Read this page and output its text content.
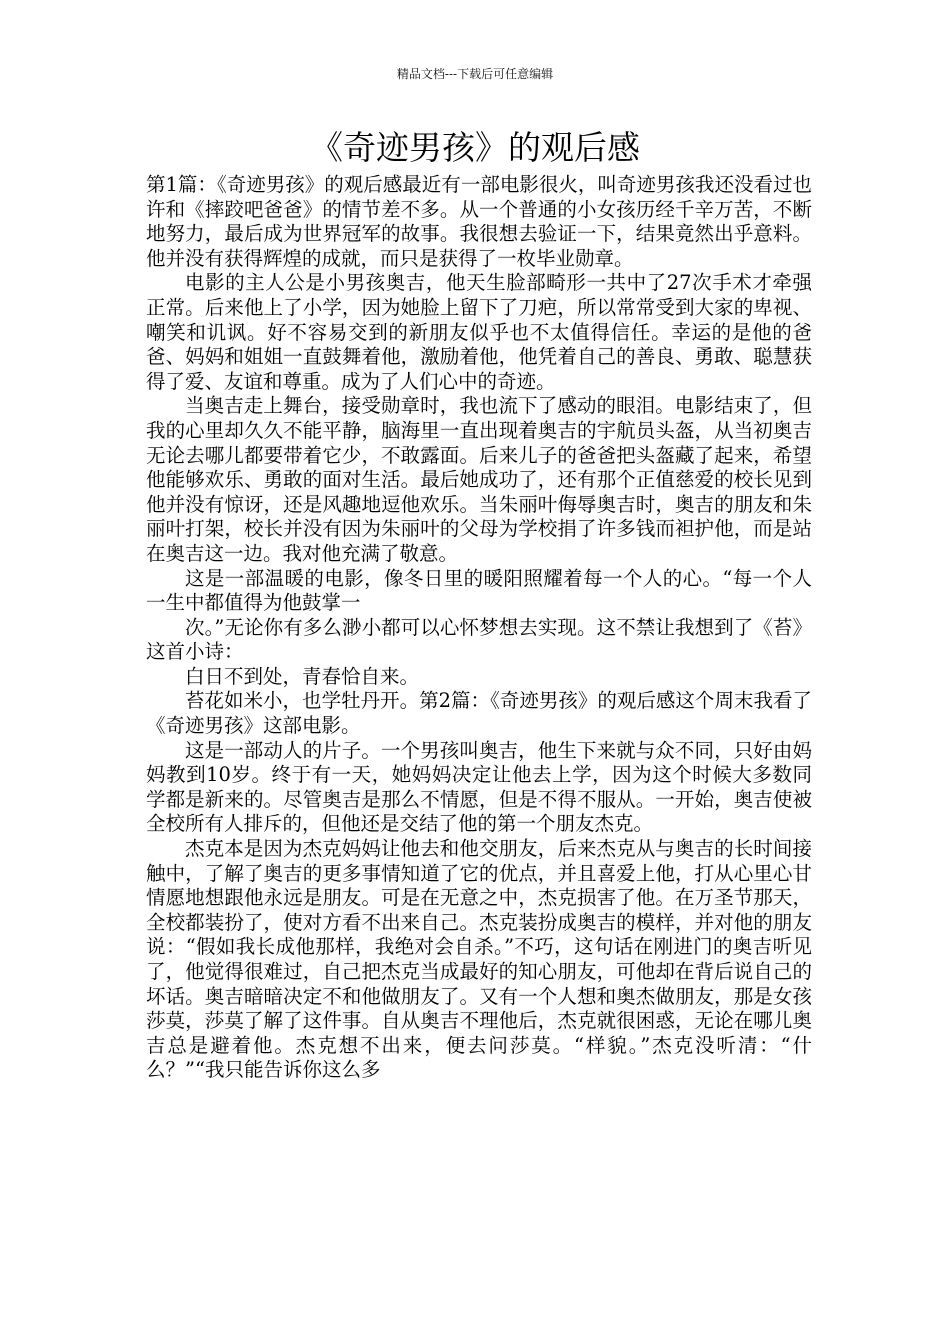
精品文档---下载后可任意编辑
《奇迹男孩》的观后感

第1篇：《奇迹男孩》的观后感最近有一部电影很火，叫奇迹男孩我还没看过也许和《摔跤吧爸爸》的情节差不多。从一个普通的小女孩历经千辛万苦，不断地努力，最后成为世界冠军的故事。我很想去验证一下，结果竟然出乎意料。他并没有获得辉煌的成就，而只是获得了一枚毕业勋章。

电影的主人公是小男孩奥吉，他天生脸部畸形一共中了27次手术才牵强正常。后来他上了小学，因为她脸上留下了刀疤，所以常常受到大家的卑视、嘲笑和讥讽。好不容易交到的新朋友似乎也不太值得信任。幸运的是他的爸爸、妈妈和姐姐一直鼓舞着他，激励着他，他凭着自己的善良、勇敢、聪慧获得了爱、友谊和尊重。成为了人们心中的奇迹。

当奥吉走上舞台，接受勋章时，我也流下了感动的眼泪。电影结束了，但我的心里却久久不能平静，脑海里一直出现着奥吉的宇航员头盔，从当初奥吉无论去哪儿都要带着它少，不敢露面。后来儿子的爸爸把头盔藏了起来，希望他能够欢乐、勇敢的面对生活。最后她成功了，还有那个正值慈爱的校长见到他并没有惊讶，还是风趣地逗他欢乐。当朱丽叶侮辱奥吉时，奥吉的朋友和朱丽叶打架，校长并没有因为朱丽叶的父母为学校捐了许多钱而袒护他，而是站在奥吉这一边。我对他充满了敬意。

这是一部温暖的电影，像冬日里的暖阳照耀着每一个人的心。“每一个人一生中都值得为他鼓掌一

次。”无论你有多么渺小都可以心怀梦想去实现。这不禁让我想到了《苔》这首小诗：

白日不到处，青春恰自来。

苔花如米小，也学牡丹开。第2篇：《奇迹男孩》的观后感这个周末我看了《奇迹男孩》这部电影。

这是一部动人的片子。一个男孩叫奥吉，他生下来就与众不同，只好由妈妈教到10岁。终于有一天，她妈妈决定让他去上学，因为这个时候大多数同学都是新来的。尽管奥吉是那么不情愿，但是不得不服从。一开始，奥吉使被全校所有人排斥的，但他还是交结了他的第一个朋友杰克。

杰克本是因为杰克妈妈让他去和他交朋友，后来杰克从与奥吉的长时间接触中，了解了奥吉的更多事情知道了它的优点，并且喜爱上他，打从心里心甘情愿地想跟他永远是朋友。可是在无意之中，杰克损害了他。在万圣节那天，全校都装扮了，使对方看不出来自己。杰克装扮成奥吉的模样，并对他的朋友说：“假如我长成他那样，我绝对会自杀。”不巧，这句话在刚进门的奥吉听见了，他觉得很难过，自己把杰克当成最好的知心朋友，可他却在背后说自己的坏话。奥吉暗暗决定不和他做朋友了。又有一个人想和奥杰做朋友，那是女孩莎莫，莎莫了解了这件事。自从奥吉不理他后，杰克就很困惑，无论在哪儿奥吉总是避着他。杰克想不出来，便去问莎莫。“样貌。”杰克没听清：“什么？”“我只能告诉你这么多
